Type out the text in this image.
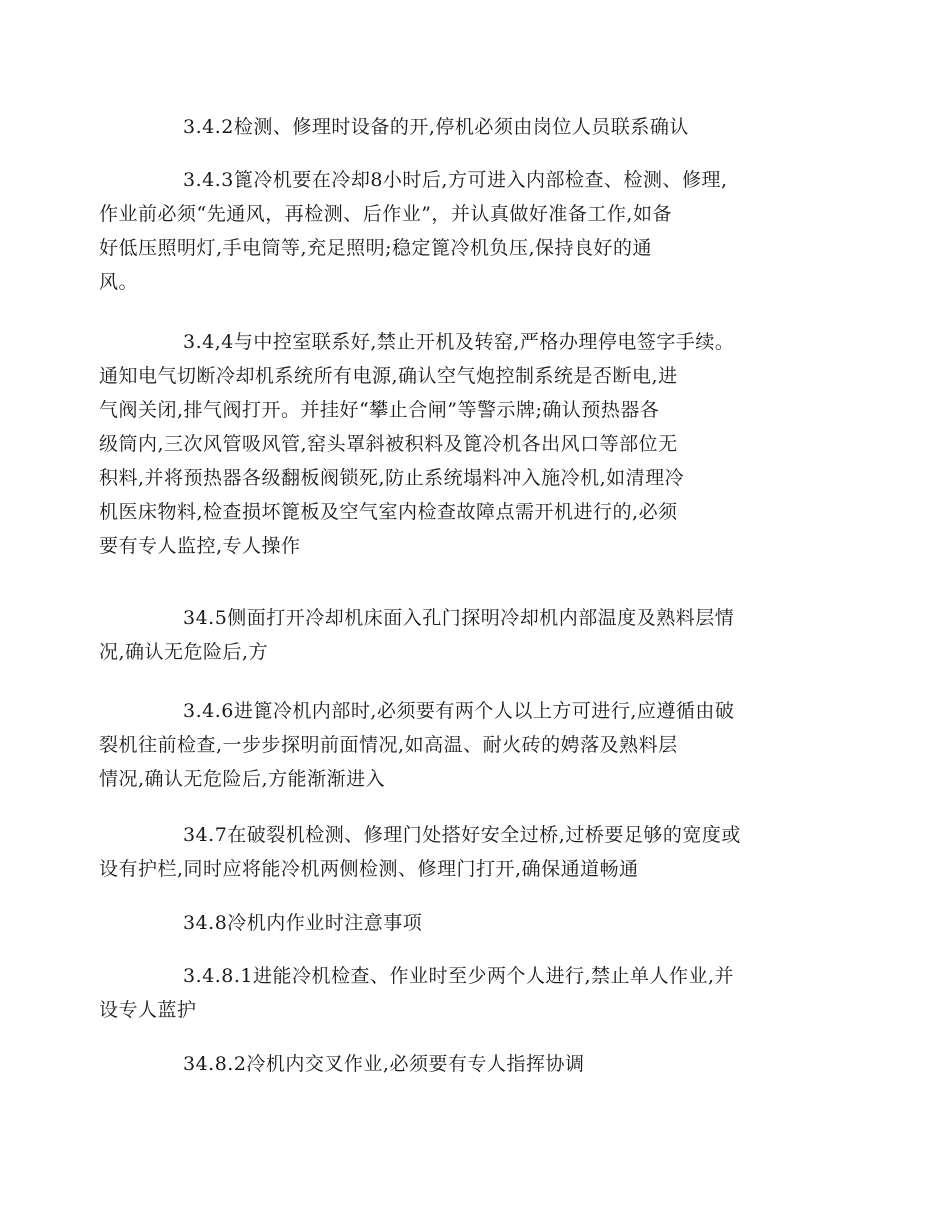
3.4.2检测、修理时设备的开,停机必须由岗位人员联系确认
3.4.3篦冷机要在冷却8小时后,方可进入内部检查、检测、修理,
作业前必须“先通风，再检测、后作业”，并认真做好准备工作,如备
好低压照明灯,手电筒等,充足照明;稳定篦冷机负压,保持良好的通
风。
3.4,4与中控室联系好,禁止开机及转窑,严格办理停电签字手续。
通知电气切断冷却机系统所有电源,确认空气炮控制系统是否断电,进
气阀关闭,排气阀打开。并挂好“攀止合闸”等警示牌;确认预热器各
级筒内,三次风管吸风管,窑头罩斜被积料及篦冷机各出风口等部位无
积料,并将预热器各级翻板阀锁死,防止系统塌料冲入施冷机,如清理冷
机医床物料,检查损坏篦板及空气室内检查故障点需开机进行的,必须
要有专人监控,专人操作
34.5侧面打开冷却机床面入孔门探明冷却机内部温度及熟料层情
况,确认无危险后,方
3.4.6进篦冷机内部时,必须要有两个人以上方可进行,应遵循由破
裂机往前检查,一步步探明前面情况,如高温、耐火砖的娉落及熟料层
情况,确认无危险后,方能渐渐进入
34.7在破裂机检测、修理门处搭好安全过桥,过桥要足够的宽度或
设有护栏,同时应将能冷机两侧检测、修理门打开,确保通道畅通
34.8冷机内作业时注意事项
3.4.8.1进能冷机检查、作业时至少两个人进行,禁止单人作业,并
设专人蓝护
34.8.2冷机内交叉作业,必须要有专人指挥协调
